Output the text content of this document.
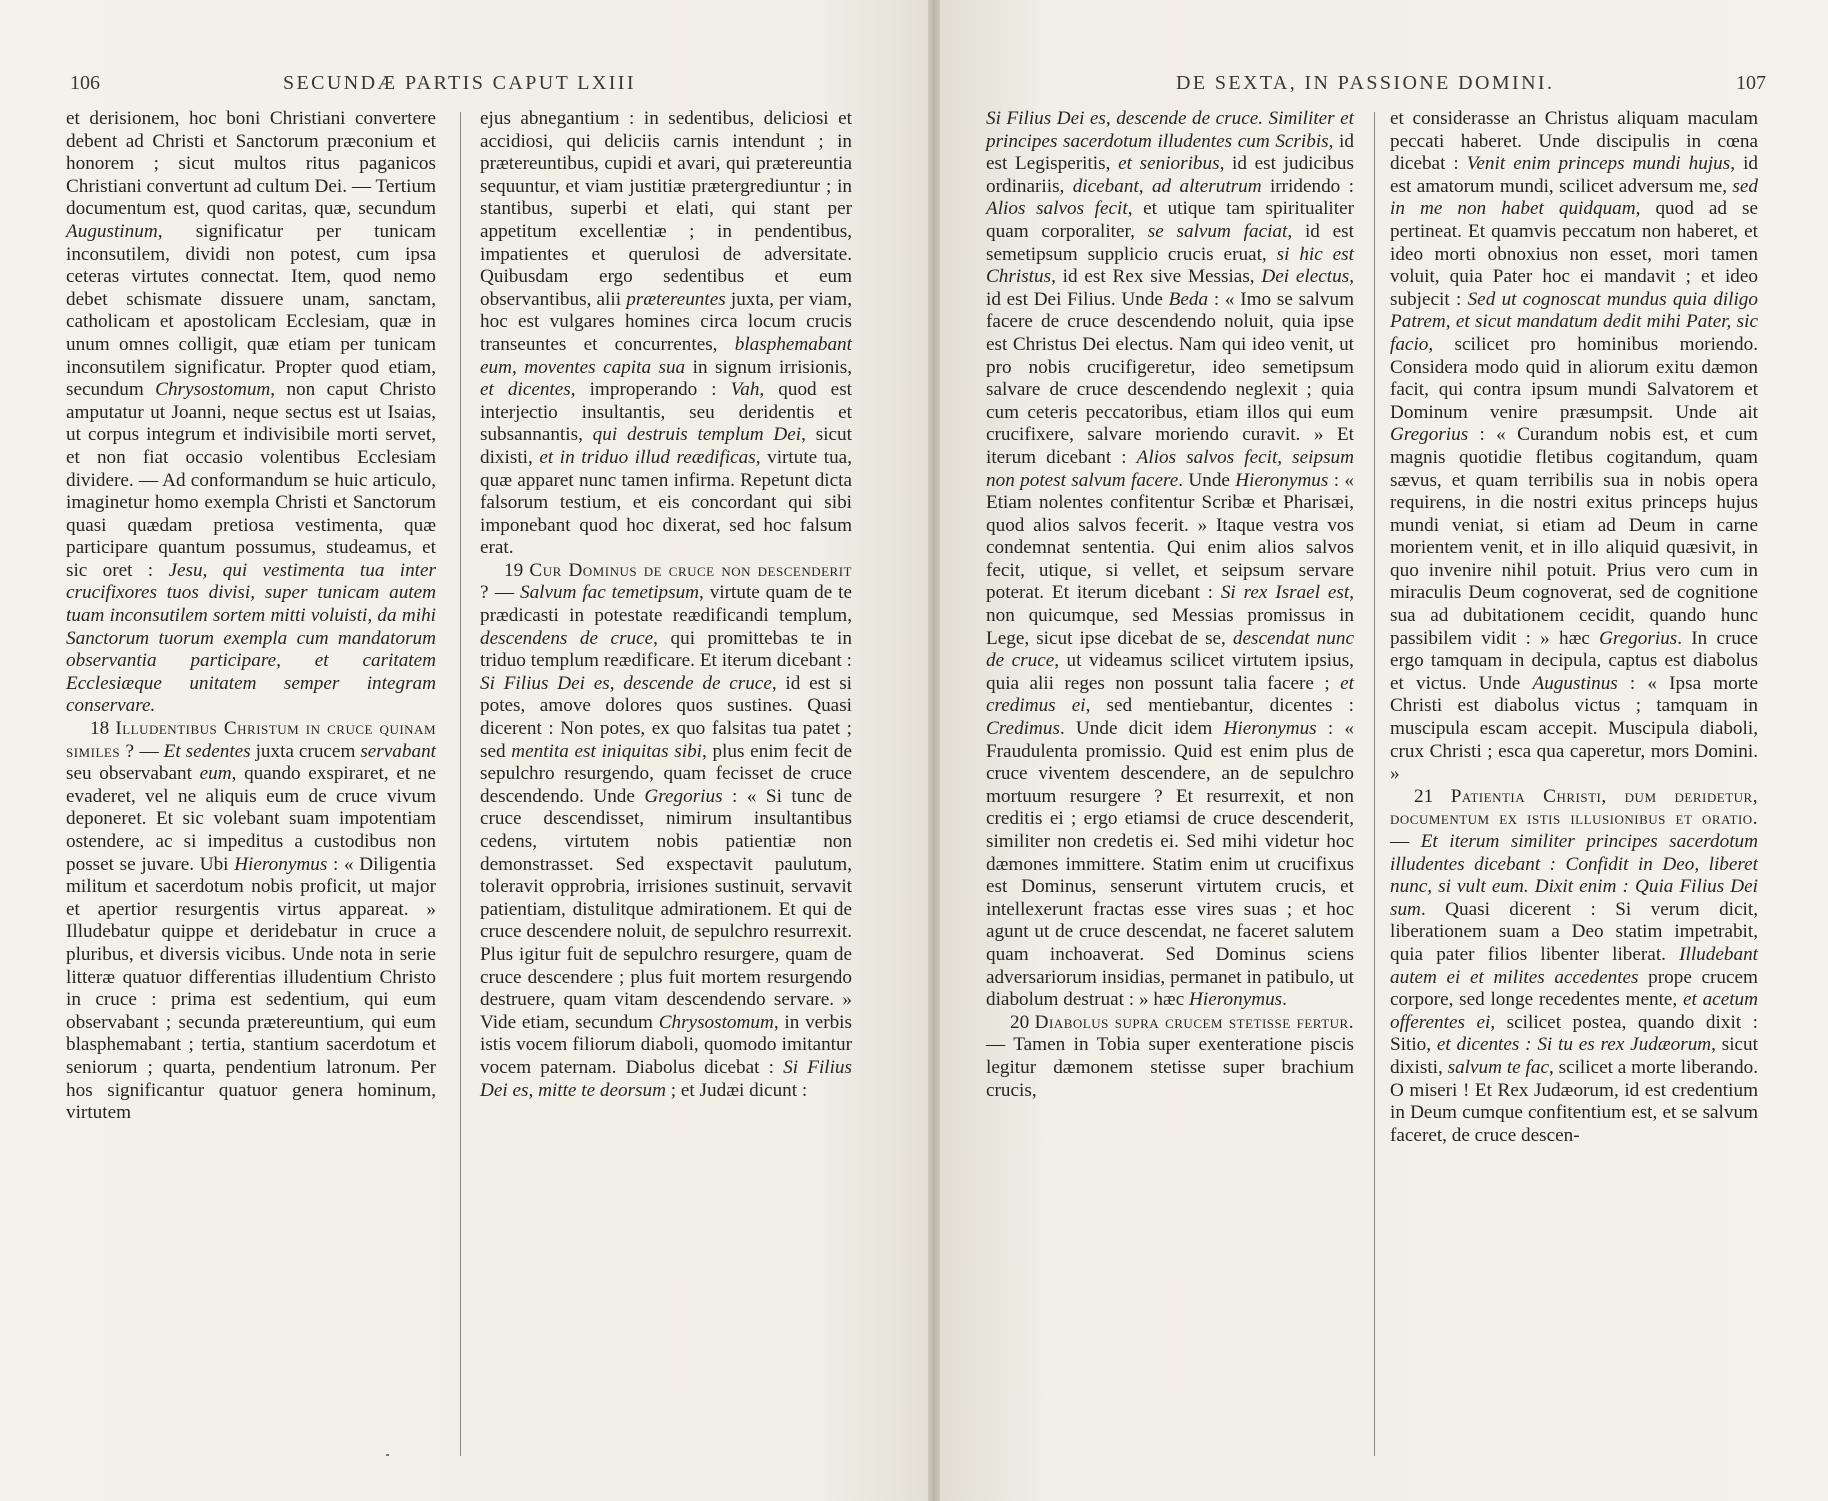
106	SECUNDÆ PARTIS CAPUT LXIII

et derisionem, hoc boni Christiani convertere debent ad Christi et Sanctorum præconium et honorem ; sicut multos ritus paganicos Christiani convertunt ad cultum Dei. — Tertium documentum est, quod caritas, quæ, secundum Augustinum, significatur per tunicam inconsutilem, dividi non potest, cum ipsa ceteras virtutes connectat. Item, quod nemo debet schismate dissuere unam, sanctam, catholicam et apostolicam Ecclesiam, quæ in unum omnes colligit, quæ etiam per tunicam inconsutilem significatur. Propter quod etiam, secundum Chrysostomum, non caput Christo amputatur ut Joanni, neque sectus est ut Isaias, ut corpus integrum et indivisibile morti servet, et non fiat occasio volentibus Ecclesiam dividere. — Ad conformandum se huic articulo, imaginetur homo exempla Christi et Sanctorum quasi quædam pretiosa vestimenta, quæ participare quantum possumus, studeamus, et sic oret : Jesu, qui vestimenta tua inter crucifixores tuos divisi, super tunicam autem tuam inconsutilem sortem mitti voluisti, da mihi Sanctorum tuorum exempla cum mandatorum observantia participare, et caritatem Ecclesiæque unitatem semper integram conservare.

18 Illudentibus Christum in cruce quinam similes ? — Et sedentes juxta crucem servabant seu observabant eum, quando exspiraret, et ne evaderet, vel ne aliquis eum de cruce vivum deponeret. Et sic volebant suam impotentiam ostendere, ac si impeditus a custodibus non posset se juvare. Ubi Hieronymus : « Diligentia militum et sacerdotum nobis proficit, ut major et apertior resurgentis virtus appareat. » Illudebatur quippe et deridebatur in cruce a pluribus, et diversis vicibus. Unde nota in serie litteræ quatuor differentias illudentium Christo in cruce : prima est sedentium, qui eum observabant ; secunda prætereuntium, qui eum blasphemabant ; tertia, stantium sacerdotum et seniorum ; quarta, pendentium latronum. Per hos significantur quatuor genera hominum, virtutem

ejus abnegantium : in sedentibus, deliciosi et accidiosi, qui deliciis carnis intendunt ; in prætereuntibus, cupidi et avari, qui prætereuntia sequuntur, et viam justitiæ prætergrediuntur ; in stantibus, superbi et elati, qui stant per appetitum excellentiæ ; in pendentibus, impatientes et querulosi de adversitate. Quibusdam ergo sedentibus et eum observantibus, alii prætereuntes juxta, per viam, hoc est vulgares homines circa locum crucis transeuntes et concurrentes, blasphemabant eum, moventes capita sua in signum irrisionis, et dicentes, improperando : Vah, quod est interjectio insultantis, seu deridentis et subsannantis, qui destruis templum Dei, sicut dixisti, et in triduo illud reædificas, virtute tua, quæ apparet nunc tamen infirma. Repetunt dicta falsorum testium, et eis concordant qui sibi imponebant quod hoc dixerat, sed hoc falsum erat.

19 Cur Dominus de cruce non descenderit ? — Salvum fac temetipsum, virtute quam de te prædicasti in potestate reædificandi templum, descendens de cruce, qui promittebas te in triduo templum reædificare. Et iterum dicebant : Si Filius Dei es, descende de cruce, id est si potes, amove dolores quos sustines. Quasi dicerent : Non potes, ex quo falsitas tua patet ; sed mentita est iniquitas sibi, plus enim fecit de sepulchro resurgendo, quam fecisset de cruce descendendo. Unde Gregorius : « Si tunc de cruce descendisset, nimirum insultantibus cedens, virtutem nobis patientiæ non demonstrasset. Sed exspectavit paulutum, toleravit opprobria, irrisiones sustinuit, servavit patientiam, distulitque admirationem. Et qui de cruce descendere noluit, de sepulchro resurrexit. Plus igitur fuit de sepulchro resurgere, quam de cruce descendere ; plus fuit mortem resurgendo destruere, quam vitam descendendo servare. » Vide etiam, secundum Chrysostomum, in verbis istis vocem filiorum diaboli, quomodo imitantur vocem paternam. Diabolus dicebat : Si Filius Dei es, mitte te deorsum ; et Judæi dicunt :

DE SEXTA, IN PASSIONE DOMINI.	107

Si Filius Dei es, descende de cruce. Similiter et principes sacerdotum illudentes cum Scribis, id est Legisperitis, et senioribus, id est judicibus ordinariis, dicebant, ad alterutrum irridendo : Alios salvos fecit, et utique tam spiritualiter quam corporaliter, se salvum faciat, id est semetipsum supplicio crucis eruat, si hic est Christus, id est Rex sive Messias, Dei electus, id est Dei Filius. Unde Beda : « Imo se salvum facere de cruce descendendo noluit, quia ipse est Christus Dei electus. Nam qui ideo venit, ut pro nobis crucifigeretur, ideo semetipsum salvare de cruce descendendo neglexit ; quia cum ceteris peccatoribus, etiam illos qui eum crucifixere, salvare moriendo curavit. » Et iterum dicebant : Alios salvos fecit, seipsum non potest salvum facere. Unde Hieronymus : « Etiam nolentes confitentur Scribæ et Pharisæi, quod alios salvos fecerit. » Itaque vestra vos condemnat sententia. Qui enim alios salvos fecit, utique, si vellet, et seipsum servare poterat. Et iterum dicebant : Si rex Israel est, non quicumque, sed Messias promissus in Lege, sicut ipse dicebat de se, descendat nunc de cruce, ut videamus scilicet virtutem ipsius, quia alii reges non possunt talia facere ; et credimus ei, sed mentiebantur, dicentes : Credimus. Unde dicit idem Hieronymus : « Fraudulenta promissio. Quid est enim plus de cruce viventem descendere, an de sepulchro mortuum resurgere ? Et resurrexit, et non creditis ei ; ergo etiamsi de cruce descenderit, similiter non credetis ei. Sed mihi videtur hoc dæmones immittere. Statim enim ut crucifixus est Dominus, senserunt virtutem crucis, et intellexerunt fractas esse vires suas ; et hoc agunt ut de cruce descendat, ne faceret salutem quam inchoaverat. Sed Dominus sciens adversariorum insidias, permanet in patibulo, ut diabolum destruat : » hæc Hieronymus.

20 Diabolus supra crucem stetisse fertur. — Tamen in Tobia super exenteratione piscis legitur dæmonem stetisse super brachium crucis,

et considerasse an Christus aliquam maculam peccati haberet. Unde discipulis in cœna dicebat : Venit enim princeps mundi hujus, id est amatorum mundi, scilicet adversum me, sed in me non habet quidquam, quod ad se pertineat. Et quamvis peccatum non haberet, et ideo morti obnoxius non esset, mori tamen voluit, quia Pater hoc ei mandavit ; et ideo subjecit : Sed ut cognoscat mundus quia diligo Patrem, et sicut mandatum dedit mihi Pater, sic facio, scilicet pro hominibus moriendo. Considera modo quid in aliorum exitu dæmon facit, qui contra ipsum mundi Salvatorem et Dominum venire præsumpsit. Unde ait Gregorius : « Curandum nobis est, et cum magnis quotidie fletibus cogitandum, quam sævus, et quam terribilis sua in nobis opera requirens, in die nostri exitus princeps hujus mundi veniat, si etiam ad Deum in carne morientem venit, et in illo aliquid quæsivit, in quo invenire nihil potuit. Prius vero cum in miraculis Deum cognoverat, sed de cognitione sua ad dubitationem cecidit, quando hunc passibilem vidit : » hæc Gregorius. In cruce ergo tamquam in decipula, captus est diabolus et victus. Unde Augustinus : « Ipsa morte Christi est diabolus victus ; tamquam in muscipula escam accepit. Muscipula diaboli, crux Christi ; esca qua caperetur, mors Domini. »

21 Patientia Christi, dum deridetur, documentum ex istis illusionibus et oratio. — Et iterum similiter principes sacerdotum illudentes dicebant : Confidit in Deo, liberet nunc, si vult eum. Dixit enim : Quia Filius Dei sum. Quasi dicerent : Si verum dicit, liberationem suam a Deo statim impetrabit, quia pater filios libenter liberat. Illudebant autem ei et milites accedentes prope crucem corpore, sed longe recedentes mente, et acetum offerentes ei, scilicet postea, quando dixit : Sitio, et dicentes : Si tu es rex Judæorum, sicut dixisti, salvum te fac, scilicet a morte liberando. O miseri ! Et Rex Judæorum, id est credentium in Deum cumque confitentium est, et se salvum faceret, de cruce descen-
